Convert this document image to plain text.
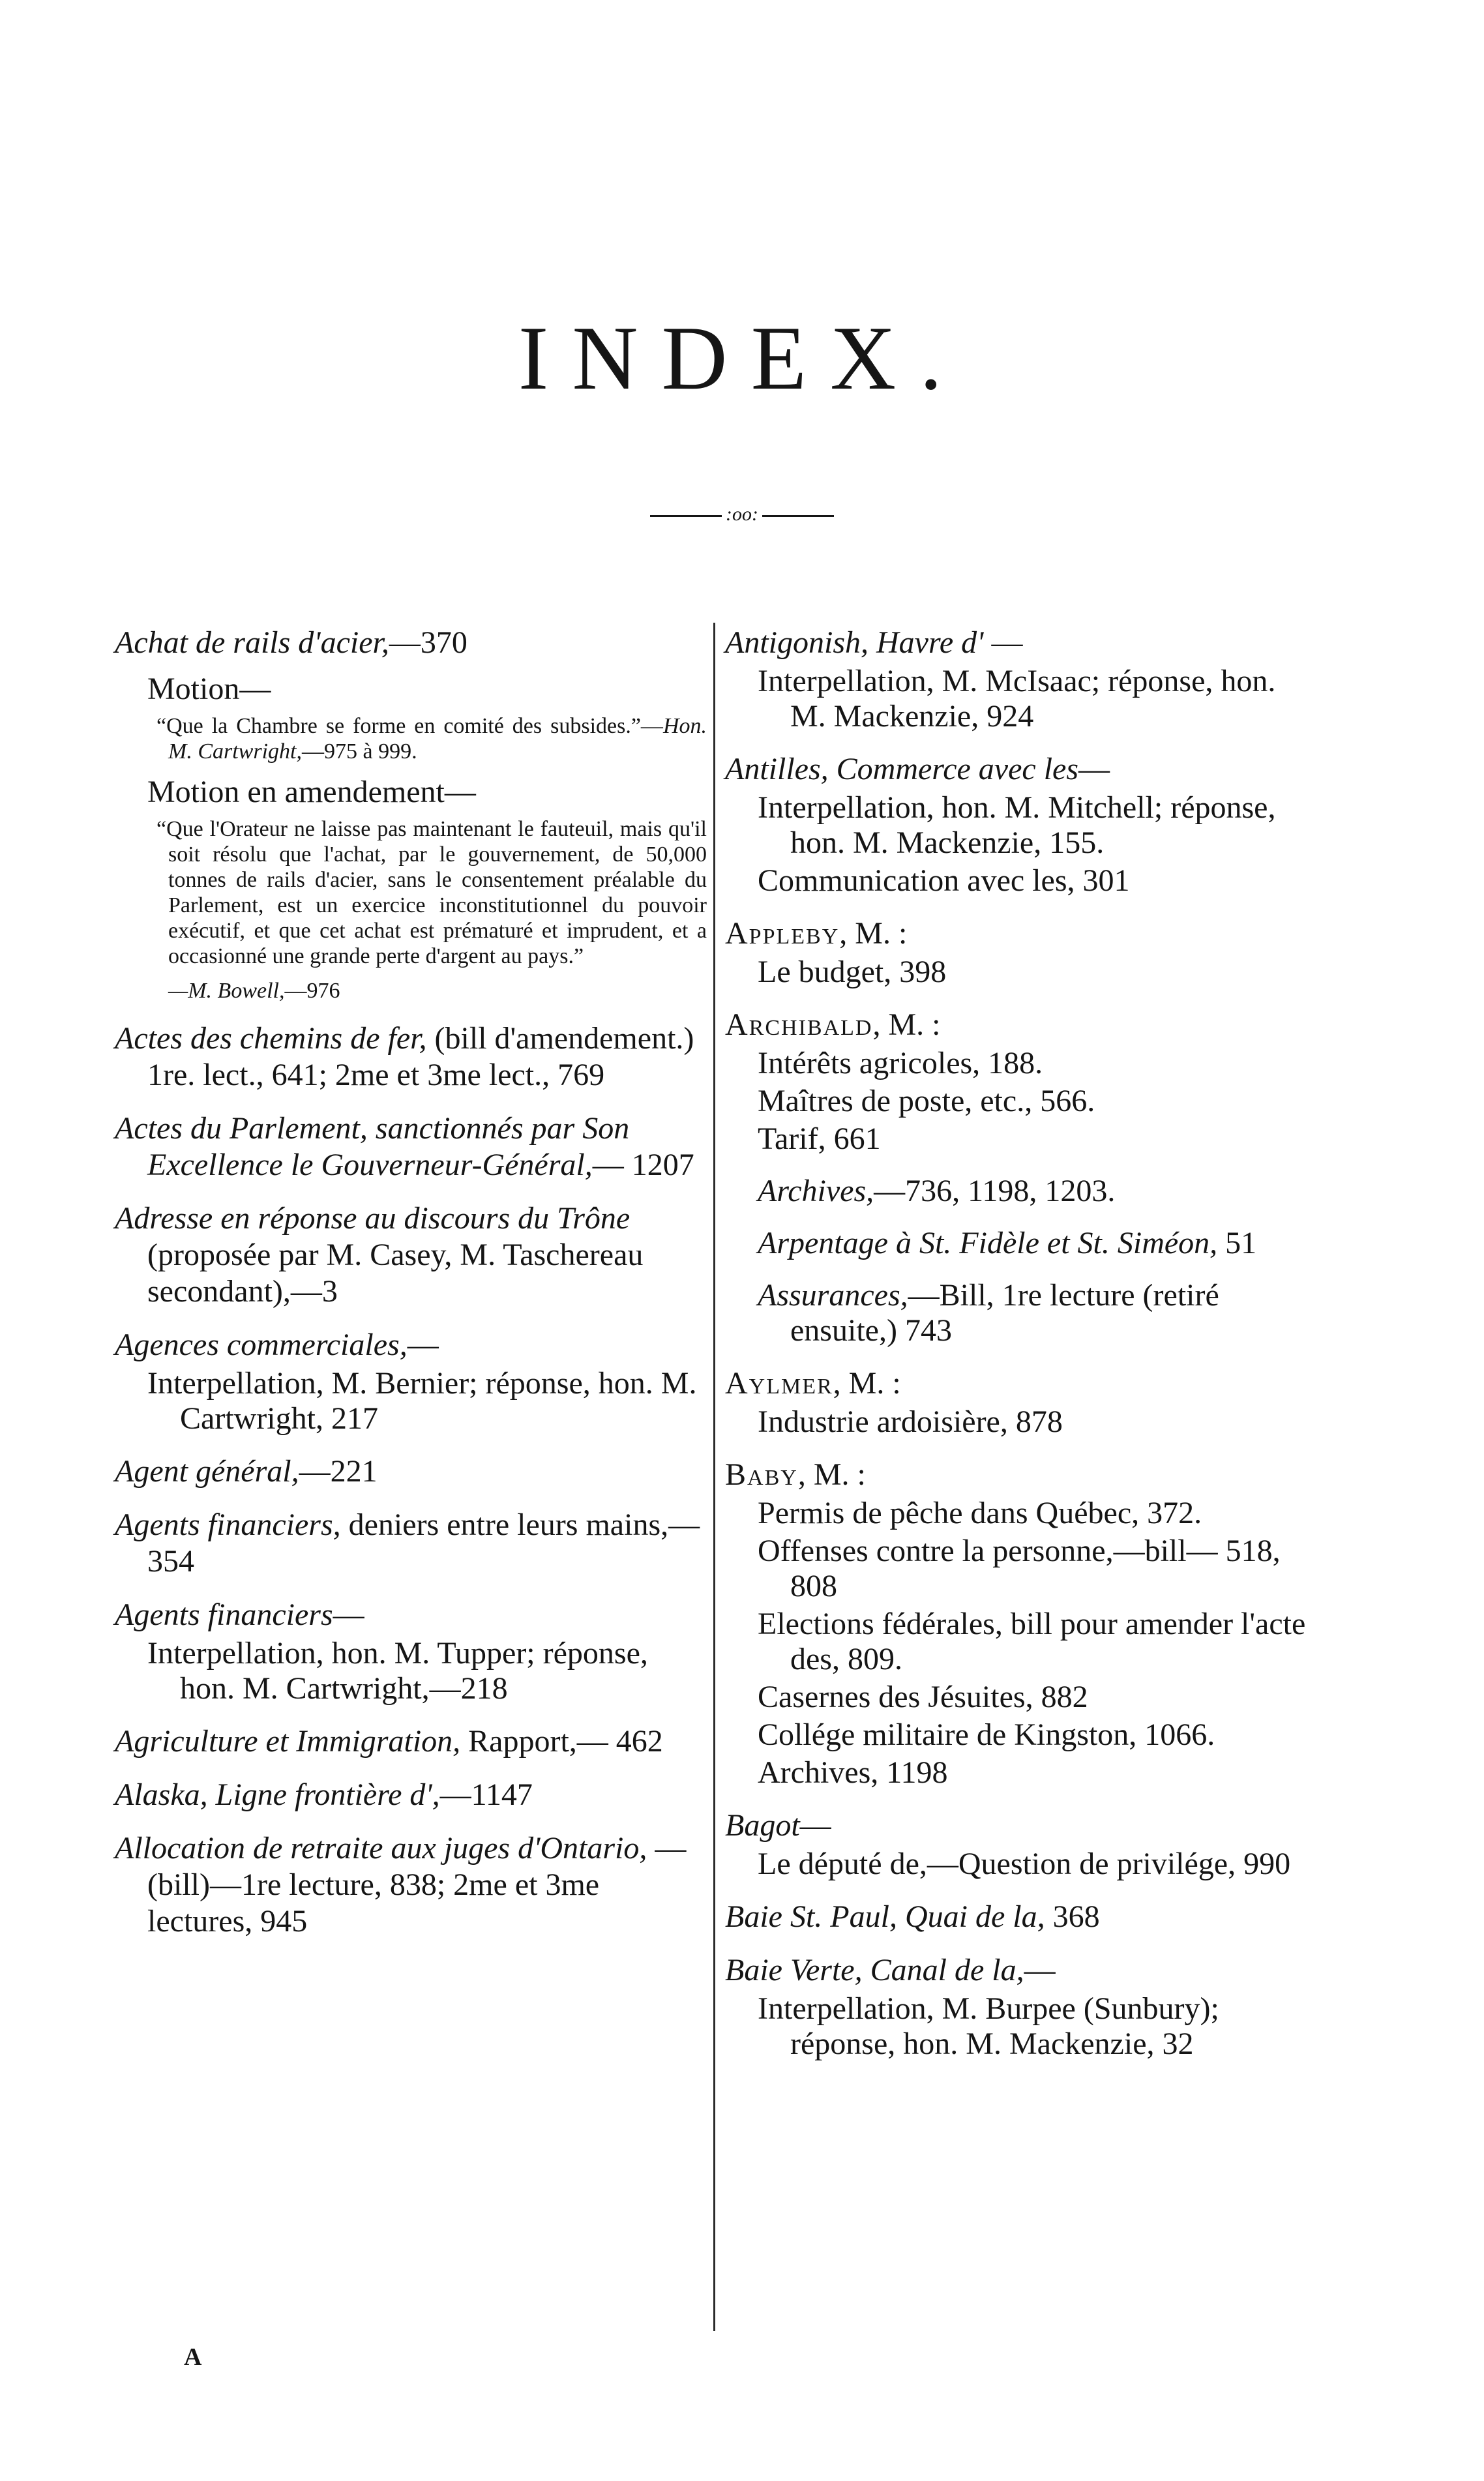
INDEX.
:oo:
Achat de rails d'acier,—370
Motion—
“Que la Chambre se forme en comité des subsides.”—Hon. M. Cartwright,—975 à 999.
Motion en amendement—
“Que l'Orateur ne laisse pas maintenant le fauteuil, mais qu'il soit résolu que l'achat, par le gouvernement, de 50,000 tonnes de rails d'acier, sans le consentement préalable du Parlement, est un exercice inconstitutionnel du pouvoir exécutif, et que cet achat est prématuré et imprudent, et a occasionné une grande perte d'argent au pays.”
—M. Bowell,—976
Actes des chemins de fer, (bill d'amendement.) 1re. lect., 641; 2me et 3me lect., 769
Actes du Parlement, sanctionnés par Son Excellence le Gouverneur-Général,— 1207
Adresse en réponse au discours du Trône (proposée par M. Casey, M. Taschereau secondant),—3
Agences commerciales,—
Interpellation, M. Bernier; réponse, hon. M. Cartwright, 217
Agent général,—221
Agents financiers, deniers entre leurs mains,—354
Agents financiers—
Interpellation, hon. M. Tupper; réponse, hon. M. Cartwright,—218
Agriculture et Immigration, Rapport,— 462
Alaska, Ligne frontière d',—1147
Allocation de retraite aux juges d'Ontario, —(bill)—1re lecture, 838; 2me et 3me lectures, 945
A
Antigonish, Havre d' —
Interpellation, M. McIsaac; réponse, hon. M. Mackenzie, 924
Antilles, Commerce avec les—
Interpellation, hon. M. Mitchell; réponse, hon. M. Mackenzie, 155.
Communication avec les, 301
Appleby, M. :
Le budget, 398
Archibald, M. :
Intérêts agricoles, 188.
Maîtres de poste, etc., 566.
Tarif, 661
Archives,—736, 1198, 1203.
Arpentage à St. Fidèle et St. Siméon, 51
Assurances,—Bill, 1re lecture (retiré ensuite,) 743
Aylmer, M. :
Industrie ardoisière, 878
Baby, M. :
Permis de pêche dans Québec, 372.
Offenses contre la personne,—bill— 518, 808
Elections fédérales, bill pour amender l'acte des, 809.
Casernes des Jésuites, 882
Collége militaire de Kingston, 1066.
Archives, 1198
Bagot—
Le député de,—Question de privilége, 990
Baie St. Paul, Quai de la, 368
Baie Verte, Canal de la,—
Interpellation, M. Burpee (Sunbury); réponse, hon. M. Mackenzie, 32
